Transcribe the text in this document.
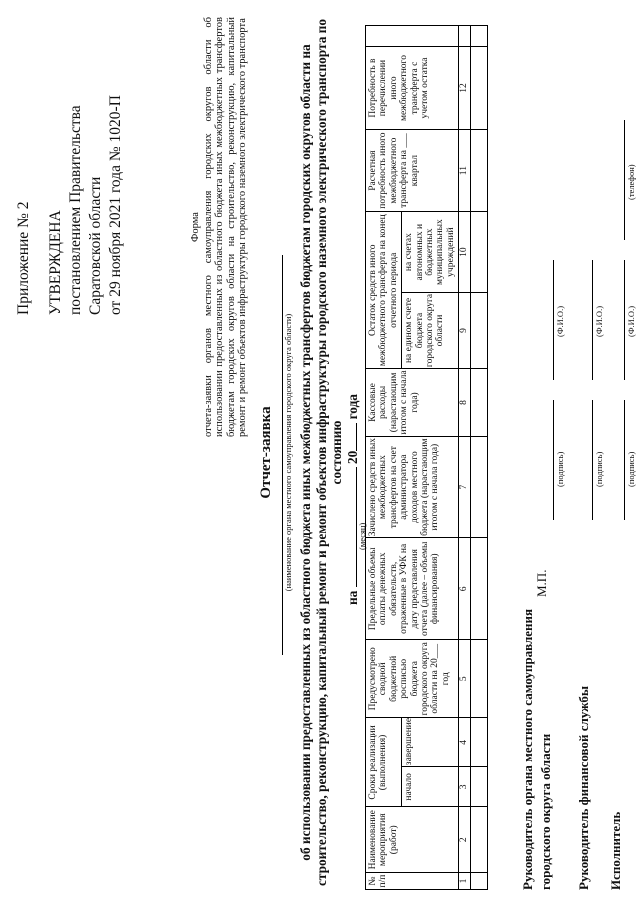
Приложение № 2 УТВЕРЖДЕНА постановлением Правительства Саратовской области от 29 ноября 2021 года № 1020-П	Форма отчета-заявки органов местного самоуправления городских округов области об использовании предоставленных из областного бюджета иных межбюджетных трансфертов бюджетам городских округов области на строительство, реконструкцию, капитальный ремонт и ремонт объектов инфраструктуры городского наземного электрического транспорта
Отчет-заявка (наименование органа местного самоуправления городского округа области) об использовании предоставленных из областного бюджета иных межбюджетных трансфертов бюджетам городских округов области на строительство, реконструкцию, капитальный ремонт и ремонт объектов инфраструктуры городского наземного электрического транспорта по состоянию
на  20 года
(месяц)
№ п/п	Наименование мероприятия (работ)	Сроки реализации (выполнения)		Предусмотрено сводной бюджетной росписью бюджета городского округа области на 20___ год	Предельные объемы оплаты денежных обязательств, отраженные в УФК на дату представления отчета (далее – объемы финансирования)	Зачислено средств иных межбюджетных трансфертов на счет администратора доходов местного бюджета (нарастающим итогом с начала года)	Кассовые расходы (нарастающим итогом с начала года)	Остаток средств иного межбюджетного трансферта на конец отчетного периода		Расчетная потребность иного межбюджетного трансферта на ___ квартал	Потребность в перечислении иного межбюджетного трансферта с учетом остатка	
		начало	завершение					на едином счете бюджета городского округа области	на счетах автономных и бюджетных муниципальных учреждений			
1	2	3	4	5	6	7	8	9	10	11	12	

Руководитель органа местного самоуправления городского округа области
М.П.
(подпись)
(Ф.И.О.)
Руководитель финансовой службы
(подпись)
(Ф.И.О.)
Исполнитель
(подпись)
(Ф.И.О.)
(телефон)
